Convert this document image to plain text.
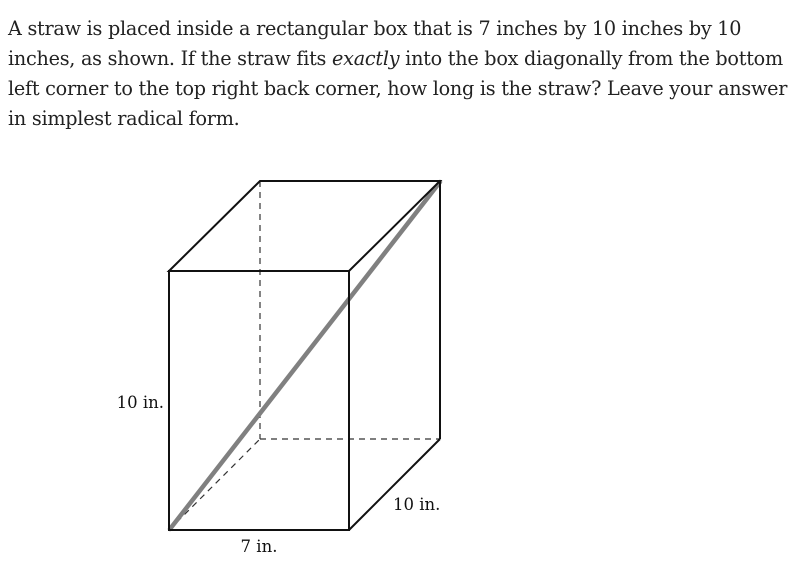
A straw is placed inside a rectangular box that is 7 inches by 10 inches by 10 inches, as shown. If the straw fits exactly into the box diagonally from the bottom left corner to the top right back corner, how long is the straw? Leave your answer in simplest radical form.

10 in.
7 in.
10 in.
